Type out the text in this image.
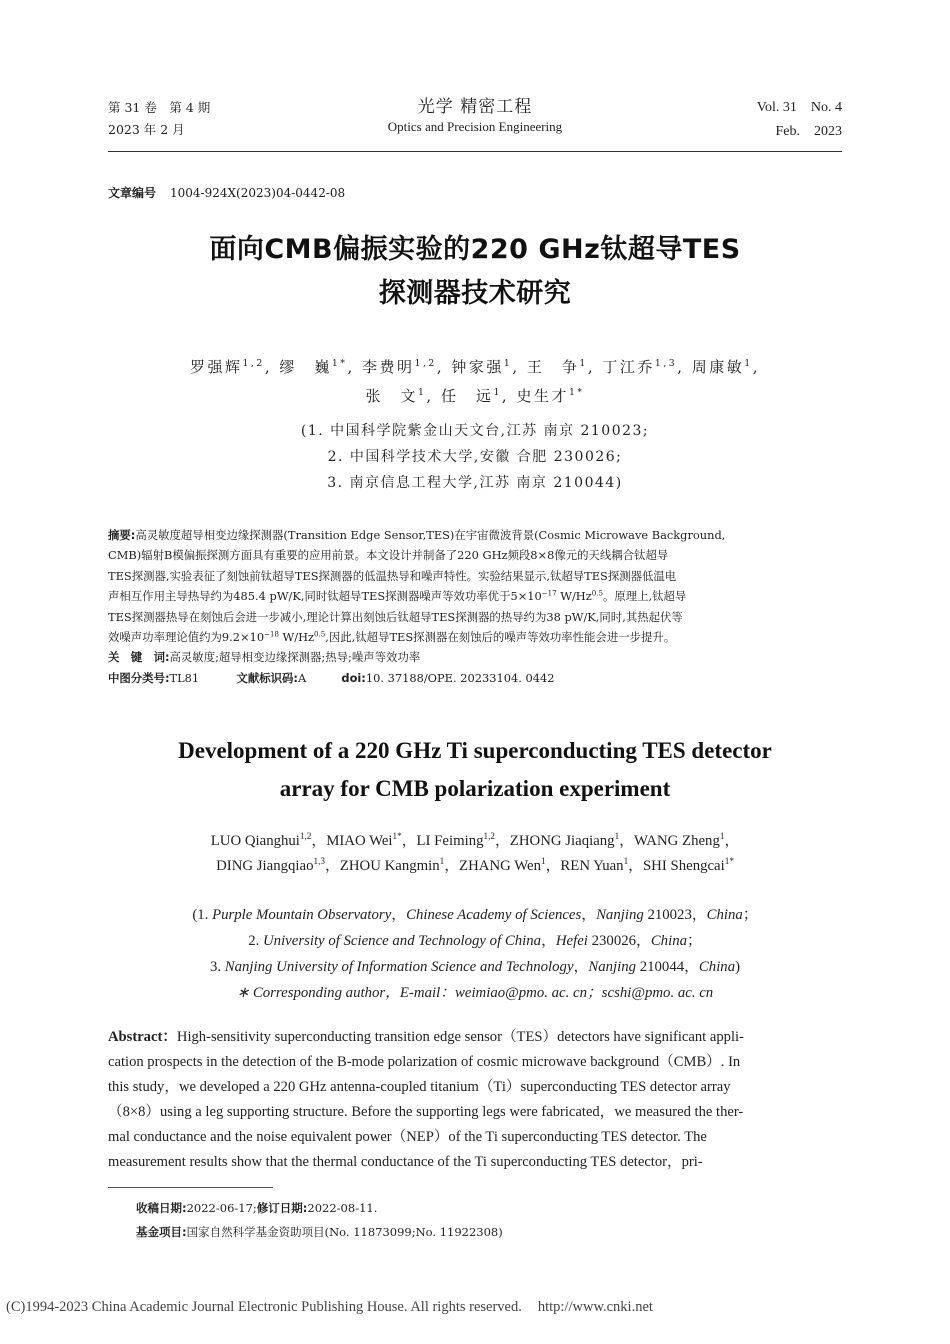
第 31 卷　第 4 期
2023 年 2 月
光学 精密工程
Optics and Precision Engineering
Vol. 31　No. 4
Feb.　2023
文章编号 1004-924X(2023)04-0442-08
面向CMB偏振实验的220 GHz钛超导TES
探测器技术研究
罗强辉$^{1,2}$, 缪　巍$^{1*}$, 李费明$^{1,2}$, 钟家强$^1$, 王　争$^1$, 丁江乔$^{1,3}$, 周康敏$^1$,
张　文$^1$, 任　远$^1$, 史生才$^{1*}$
(1. 中国科学院紫金山天文台,江苏 南京 210023;
2. 中国科学技术大学,安徽 合肥 230026;
3. 南京信息工程大学,江苏 南京 210044)
摘要:高灵敏度超导相变边缘探测器(Transition Edge Sensor,TES)在宇宙微波背景(Cosmic Microwave Background,
CMB)辐射B模偏振探测方面具有重要的应用前景。本文设计并制备了220 GHz频段8×8像元的天线耦合钛超导
TES探测器,实验表征了刻蚀前钛超导TES探测器的低温热导和噪声特性。实验结果显示,钛超导TES探测器低温电
声相互作用主导热导约为485.4 pW/K,同时钛超导TES探测器噪声等效功率优于$5\times 10^{-17}$ $W/Hz^{0.5}$。原理上,钛超导
TES探测器热导在刻蚀后会进一步减小,理论计算出刻蚀后钛超导TES探测器的热导约为38 pW/K,同时,其热起伏等
效噪声功率理论值约为$9.2\times 10^{-18}$ $W/Hz^{0.5}$,因此,钛超导TES探测器在刻蚀后的噪声等效功率性能会进一步提升。
关　键　词:高灵敏度;超导相变边缘探测器;热导;噪声等效功率
中图分类号:TL81	文献标识码:A	doi:10. 37188/OPE. 20233104. 0442
Development of a 220 GHz Ti superconducting TES detector
array for CMB polarization experiment
LUO Qianghui$^{1,2}$，MIAO Wei$^{1*}$，LI Feiming$^{1,2}$，ZHONG Jiaqiang$^1$，WANG Zheng$^1$，
DING Jiangqiao$^{1,3}$，ZHOU Kangmin$^1$，ZHANG Wen$^1$，REN Yuan$^1$，SHI Shengcai$^{1*}$
(1. Purple Mountain Observatory，Chinese Academy of Sciences，Nanjing 210023，China；
2. University of Science and Technology of China，Hefei 230026，China；
3. Nanjing University of Information Science and Technology，Nanjing 210044，China)
∗ Corresponding author，E-mail：weimiao@pmo. ac. cn；scshi@pmo. ac. cn
Abstract：High-sensitivity superconducting transition edge sensor（TES）detectors have significant appli-
cation prospects in the detection of the B-mode polarization of cosmic microwave background（CMB）. In
this study，we developed a 220 GHz antenna-coupled titanium（Ti）superconducting TES detector array
（8×8）using a leg supporting structure. Before the supporting legs were fabricated，we measured the ther-
mal conductance and the noise equivalent power（NEP）of the Ti superconducting TES detector. The
measurement results show that the thermal conductance of the Ti superconducting TES detector，pri-
收稿日期:2022-06-17;修订日期:2022-08-11.
基金项目:国家自然科学基金资助项目(No. 11873099;No. 11922308)
(C)1994-2023 China Academic Journal Electronic Publishing House. All rights reserved. http://www.cnki.net
